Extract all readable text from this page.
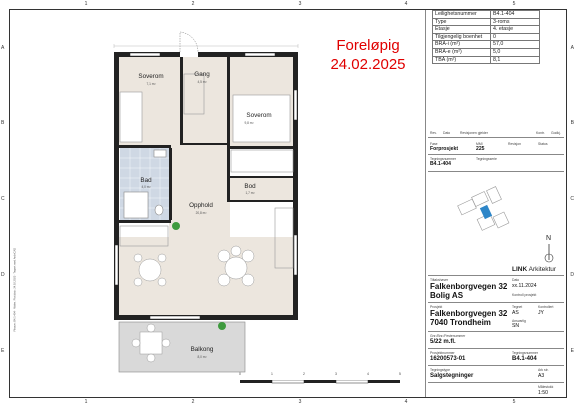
1	2	3	4	5
1	2	3	4	5
A
B
C
D
E
A
B
C
D
E
Filnavn: B4.1-404 · Malen. Plottdato: 24.02.2025 · Tegnet med ArchiCAD
Soverom
7,1 m²
Gang
4,5 m²
Soverom
9,8 m²
Bad
4,0 m²	Bod
1,7 m²
Opphold
20,8 m²
Balkong
8,0 m²
Foreløpig
24.02.2025
Leilighetsnummer	B4.1-404
Type	3-roms
Etasje	4. etasje
Tilgjengelig boenhet	0
BRA-i (m²)	57,0
BRA-e (m²)	5,0
TBA (m²)	8,1
Rev. Dato	Revisjonen gjelder	Kontr. Godkj.
Fase
Forprosjekt
MMI
225
Revisjon	Status
Tegningsnummer
B4.1-404
Tegningsserie
N
LINK Arkitektur
Tiltakshaver
Falkenborgvegen 32
Bolig AS
Dato
xx.11.2024
Kontroll prosjekt
Prosjekt
Falkenborgvegen 32
7040 Trondheim
Tegnet
AS
Kontrollert
JY
Ansvarlig
SN
Gnr./Bnr./Festenummer
5/22 m.fl.
Prosjektnummer
16200573-01
Tegningsnummer
B4.1-404
Tegningstype
Salgstegninger
Ark str.
A3
Målestokk
1:50
0	1	2	3	4	5
